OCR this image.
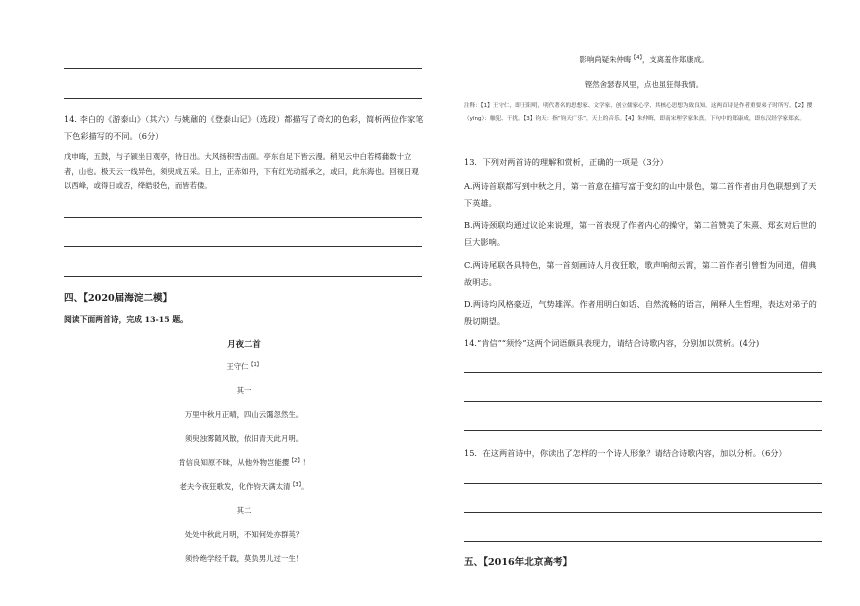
14. 李白的《游泰山》（其六）与姚鼐的《登泰山记》（选段）都描写了奇幻的色彩，简析两位作家笔下色彩描写的不同。（6分）
戊申晦，五鼓，与子颍坐日观亭，待日出。大风扬积雪击面。亭东自足下皆云漫。稍见云中白若樗蒱数十立者，山也。极天云一线异色，须臾成五采。日上，正赤如丹，下有红光动摇承之，或曰，此东海也。回视日观以西峰，或得日或否，绛皓驳色，而皆若偻。
四、【2020届海淀二模】
阅读下面两首诗，完成 13-15 题。
月夜二首
王守仁$^{【1】}$
其一
万里中秋月正晴，四山云霭忽然生。
须臾浊雾随风散，依旧青天此月明。
肯信良知原不昧，从他外物岂能撄$^{【2】}$！
老夫今夜狂歌发，化作钧天满太清$^{【3】}$。
其二
处处中秋此月明，不知何处亦群英？
须怜绝学经千载，莫负男儿过一生！
影响尚疑朱仲晦$^{【4】}$，支离羞作郑康成。
铿然舍瑟春风里，点也虽狂得我情。
注释：【1】王守仁，即王阳明，明代著名的思想家、文学家，创立儒家心学，其核心思想为致良知。这两首诗是作者重要弟子时所写。【2】撄（yīng）：触犯、干扰。【3】钧天：指“钧天广乐”，天上的音乐。【4】朱仲晦，即南宋理学家朱熹，下句中的郑康成，即东汉经学家郑玄。
13．下列对两首诗的理解和赏析，正确的一项是（3分）
A.两诗首联都写到中秋之月，第一首意在描写富于变幻的山中景色，第二首作者由月色联想到了天下英雄。
B.两诗颈联均通过议论来说理，第一首表现了作者内心的操守，第二首赞美了朱熹、郑玄对后世的巨大影响。
C.两诗尾联各具特色，第一首刻画诗人月夜狂歌，歌声响彻云霄，第二首作者引曾晳为同道，借典故明志。
D.两诗均风格豪迈，气势雄浑。作者用明白如话、自然流畅的语言，阐释人生哲理，表达对弟子的殷切期望。
14.“肯信”“须怜”这两个词语颇具表现力，请结合诗歌内容，分别加以赏析。(4分)
15．在这两首诗中，你读出了怎样的一个诗人形象？请结合诗歌内容，加以分析。（6分）
五、【2016年北京高考】
